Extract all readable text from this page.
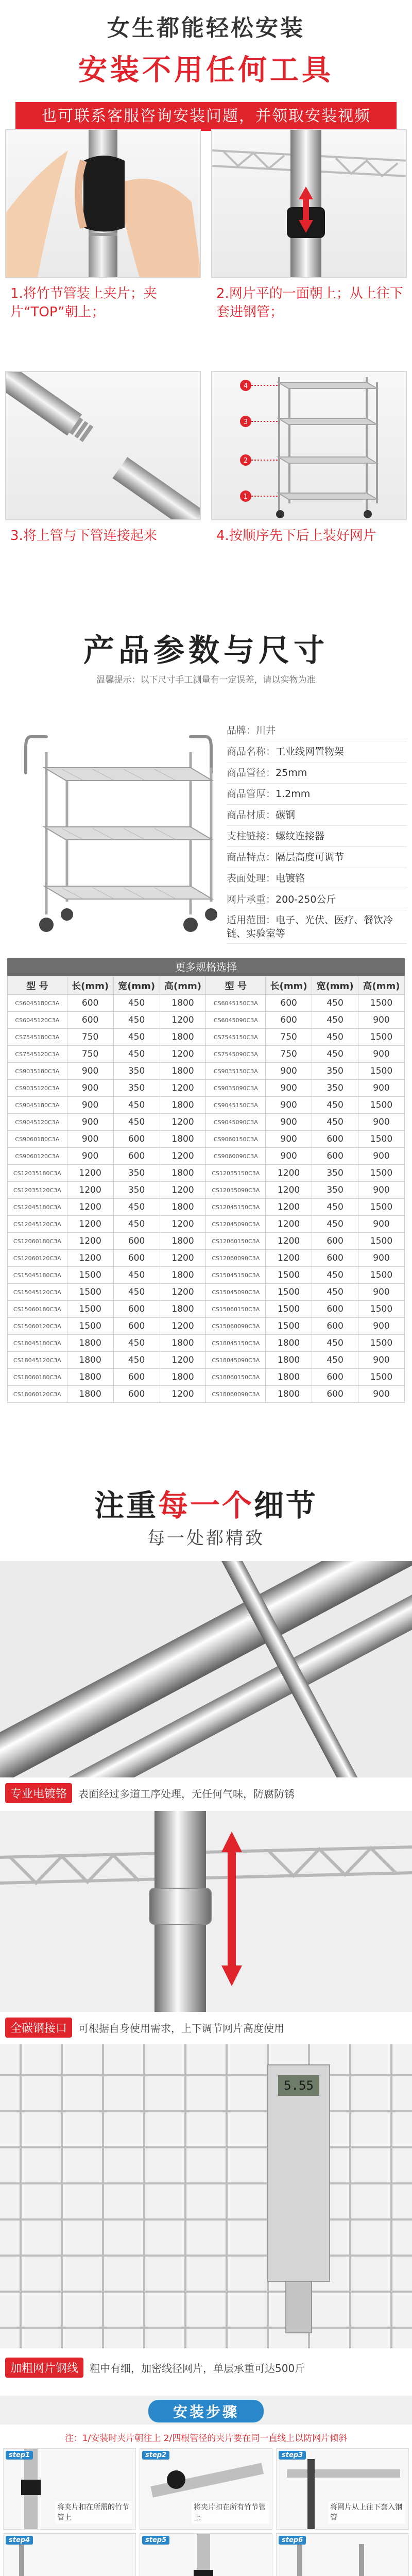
女生都能轻松安装
安装不用任何工具
也可联系客服咨询安装问题，并领取安装视频
1.将竹节管装上夹片；夹片“TOP”朝上；
2.网片平的一面朝上；从上往下套进钢管；
3.将上管与下管连接起来
4
3
2
1
4.按顺序先下后上装好网片
产品参数与尺寸
温馨提示：以下尺寸手工测量有一定误差，请以实物为准
品牌：川井
商品名称：工业线网置物架
商品管径：25mm
商品管厚：1.2mm
商品材质：碳钢
支柱链接：螺纹连接器
商品特点：隔层高度可调节
表面处理：电镀铬
网片承重：200-250公斤
适用范围：电子、光伏、医疗、餐饮冷链、实验室等
更多规格选择
型 号	长(mm)	宽(mm)	高(mm)	型 号	长(mm)	宽(mm)	高(mm)
CS6045180C3A	600	450	1800	CS6045150C3A	600	450	1500
CS6045120C3A	600	450	1200	CS6045090C3A	600	450	900
CS7545180C3A	750	450	1800	CS7545150C3A	750	450	1500
CS7545120C3A	750	450	1200	CS7545090C3A	750	450	900
CS9035180C3A	900	350	1800	CS9035150C3A	900	350	1500
CS9035120C3A	900	350	1200	CS9035090C3A	900	350	900
CS9045180C3A	900	450	1800	CS9045150C3A	900	450	1500
CS9045120C3A	900	450	1200	CS9045090C3A	900	450	900
CS9060180C3A	900	600	1800	CS9060150C3A	900	600	1500
CS9060120C3A	900	600	1200	CS9060090C3A	900	600	900
CS12035180C3A	1200	350	1800	CS12035150C3A	1200	350	1500
CS12035120C3A	1200	350	1200	CS12035090C3A	1200	350	900
CS12045180C3A	1200	450	1800	CS12045150C3A	1200	450	1500
CS12045120C3A	1200	450	1200	CS12045090C3A	1200	450	900
CS12060180C3A	1200	600	1800	CS12060150C3A	1200	600	1500
CS12060120C3A	1200	600	1200	CS12060090C3A	1200	600	900
CS15045180C3A	1500	450	1800	CS15045150C3A	1500	450	1500
CS15045120C3A	1500	450	1200	CS15045090C3A	1500	450	900
CS15060180C3A	1500	600	1800	CS15060150C3A	1500	600	1500
CS15060120C3A	1500	600	1200	CS15060090C3A	1500	600	900
CS18045180C3A	1800	450	1800	CS18045150C3A	1800	450	1500
CS18045120C3A	1800	450	1200	CS18045090C3A	1800	450	900
CS18060180C3A	1800	600	1800	CS18060150C3A	1800	600	1500
CS18060120C3A	1800	600	1200	CS18060090C3A	1800	600	900
注重每一个细节
每一处都精致
专业电镀铬	表面经过多道工序处理，无任何气味，防腐防锈
全碳钢接口	可根据自身使用需求，上下调节网片高度使用
5.55
加粗网片钢线	粗中有细，加密线径网片，单层承重可达500斤
安装步骤
注：1/安装时夹片朝往上 2/四根管径的夹片要在同一直线上以防网片倾斜
step1
将夹片扣在所需的竹节管上
step2
将夹片扣在所有竹节管上
step3
将网片从上往下套入钢管
step4	step5	step6
